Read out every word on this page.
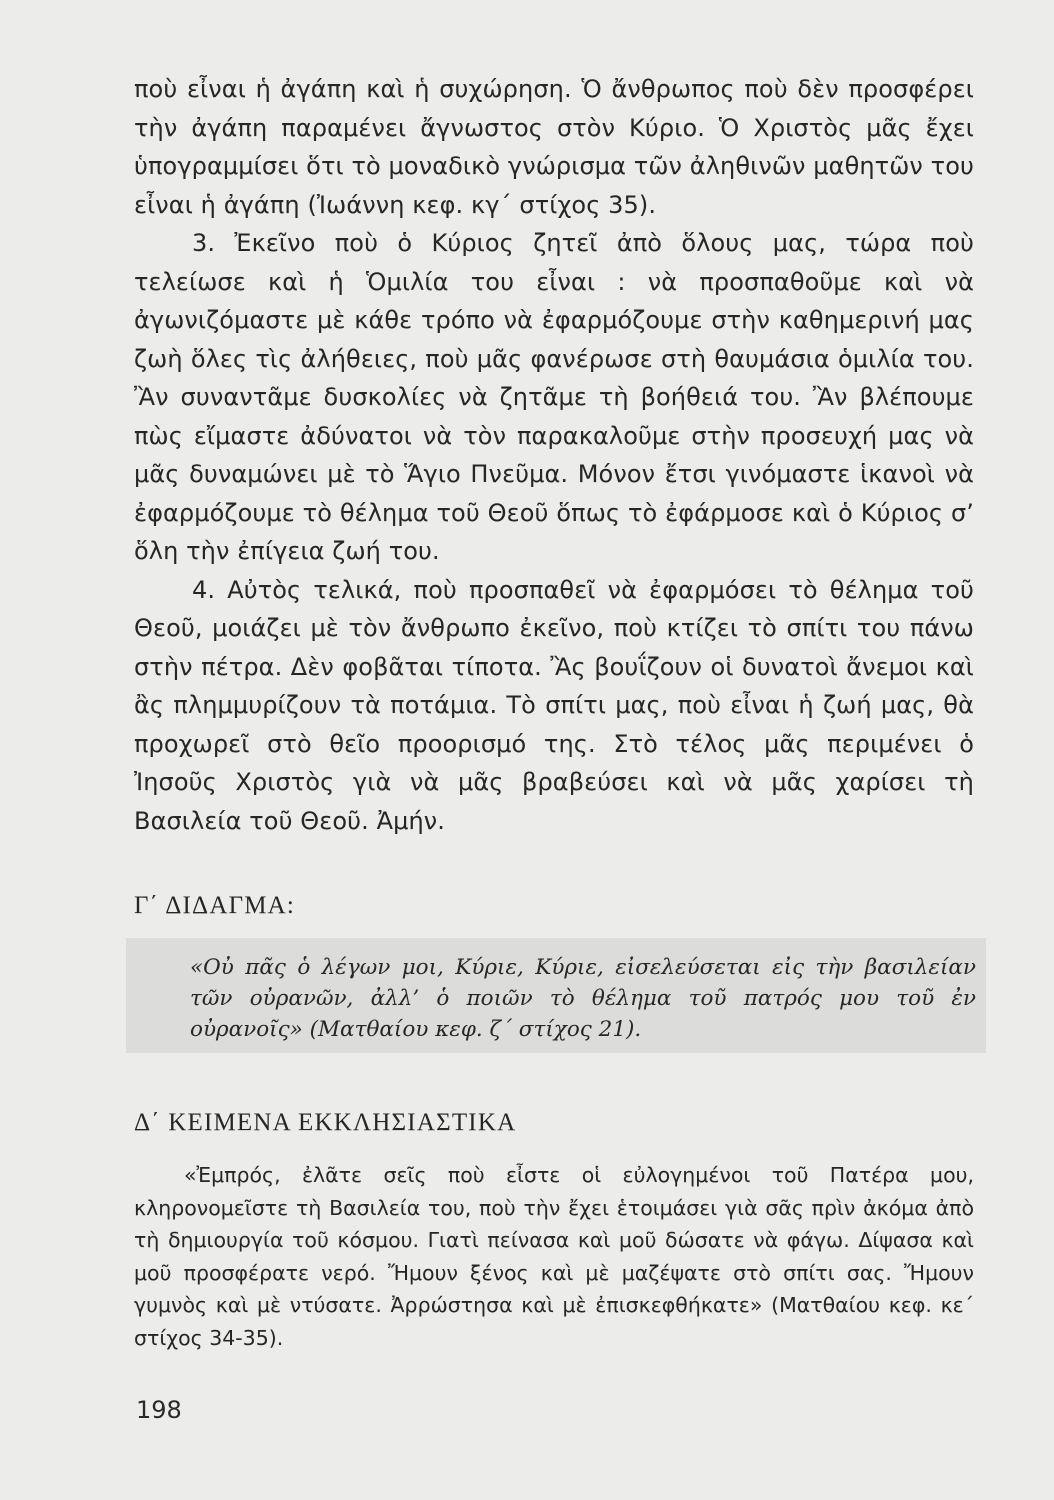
ποὺ εἶναι ἡ ἀγάπη καὶ ἡ συχώρηση. Ὁ ἄνθρωπος ποὺ δὲν προσφέρει τὴν ἀγάπη παραμένει ἄγνωστος στὸν Κύριο. Ὁ Χριστὸς μᾶς ἔχει ὑπογραμμίσει ὅτι τὸ μοναδικὸ γνώρισμα τῶν ἀληθινῶν μαθητῶν του εἶναι ἡ ἀγάπη (Ἰωάννη κεφ. κγ΄ στίχος 35).

3. Ἐκεῖνο ποὺ ὁ Κύριος ζητεῖ ἀπὸ ὅλους μας, τώρα ποὺ τελείωσε καὶ ἡ Ὁμιλία του εἶναι : νὰ προσπαθοῦμε καὶ νὰ ἀγωνιζόμαστε μὲ κάθε τρόπο νὰ ἐφαρμόζουμε στὴν καθημερινή μας ζωὴ ὅλες τὶς ἀλήθειες, ποὺ μᾶς φανέρωσε στὴ θαυμάσια ὁμιλία του. Ἂν συναντᾶμε δυσκολίες νὰ ζητᾶμε τὴ βοήθειά του. Ἂν βλέπουμε πὼς εἴμαστε ἀδύνατοι νὰ τὸν παρακαλοῦμε στὴν προσευχή μας νὰ μᾶς δυναμώνει μὲ τὸ Ἅγιο Πνεῦμα. Μόνον ἔτσι γινόμαστε ἱκανοὶ νὰ ἐφαρμόζουμε τὸ θέλημα τοῦ Θεοῦ ὅπως τὸ ἐφάρμοσε καὶ ὁ Κύριος σ’ ὅλη τὴν ἐπίγεια ζωή του.

4. Αὐτὸς τελικά, ποὺ προσπαθεῖ νὰ ἐφαρμόσει τὸ θέλημα τοῦ Θεοῦ, μοιάζει μὲ τὸν ἄνθρωπο ἐκεῖνο, ποὺ κτίζει τὸ σπίτι του πάνω στὴν πέτρα. Δὲν φοβᾶται τίποτα. Ἂς βουΐζουν οἱ δυνατοὶ ἄνεμοι καὶ ἂς πλημμυρίζουν τὰ ποτάμια. Τὸ σπίτι μας, ποὺ εἶναι ἡ ζωή μας, θὰ προχωρεῖ στὸ θεῖο προορισμό της. Στὸ τέλος μᾶς περιμένει ὁ Ἰησοῦς Χριστὸς γιὰ νὰ μᾶς βραβεύσει καὶ νὰ μᾶς χαρίσει τὴ Βασιλεία τοῦ Θεοῦ. Ἀμήν.

Γ΄ ΔΙΔΑΓΜΑ:

«Οὐ πᾶς ὁ λέγων μοι, Κύριε, Κύριε, εἰσελεύσεται εἰς τὴν βασιλείαν τῶν οὐρανῶν, ἀλλ’ ὁ ποιῶν τὸ θέλημα τοῦ πατρός μου τοῦ ἐν οὐρανοῖς» (Ματθαίου κεφ. ζ΄ στίχος 21).

Δ΄ ΚΕΙΜΕΝΑ ΕΚΚΛΗΣΙΑΣΤΙΚΑ

«Ἐμπρός, ἐλᾶτε σεῖς ποὺ εἶστε οἱ εὐλογημένοι τοῦ Πατέρα μου, κληρονομεῖστε τὴ Βασιλεία του, ποὺ τὴν ἔχει ἑτοιμάσει γιὰ σᾶς πρὶν ἀκόμα ἀπὸ τὴ δημιουργία τοῦ κόσμου. Γιατὶ πείνασα καὶ μοῦ δώσατε νὰ φάγω. Δίψασα καὶ μοῦ προσφέρατε νερό. Ἤμουν ξένος καὶ μὲ μαζέψατε στὸ σπίτι σας. Ἤμουν γυμνὸς καὶ μὲ ντύσατε. Ἀρρώστησα καὶ μὲ ἐπισκεφθήκατε» (Ματθαίου κεφ. κε΄ στίχος 34-35).

198
